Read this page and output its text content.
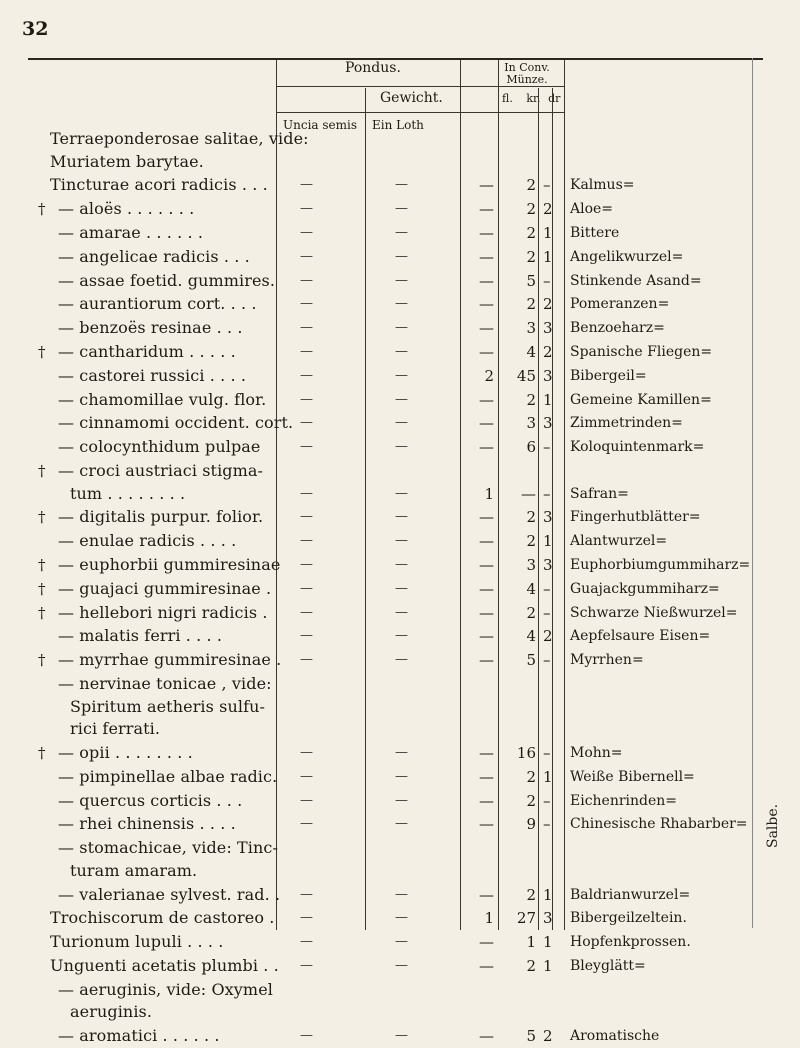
32
Pondus.
Gewicht.
Uncia semis Ein Loth
In Conv.
Münze.
fl. kr. dr
Terraeponderosae salitae, vide:
Muriatem barytae.
Tincturae acori radicis . . . —	—	—	2 – Kalmus=
† — aloës . . . . . . .	—	—	—	2 2 Aloe=
— amarae . . . . . .	—	—	—	2 1 Bittere
— angelicae radicis . . .	—	—	—	2 1 Angelikwurzel=
— assae foetid. gummires. —	—	—	5 – Stinkende Asand=
— aurantiorum cort. . . .	—	—	—	2 2 Pomeranzen=
— benzoës resinae . . .	—	—	—	3 3 Benzoeharz=
† — cantharidum . . . . .	—	—	—	4 2 Spanische Fliegen=
— castorei russici . . . .	—	—	2	45 3 Bibergeil=
— chamomillae vulg. flor.	—	—	—	2 1 Gemeine Kamillen=
— cinnamomi occident. cort. —	—	—	3 3 Zimmetrinden=
— colocynthidum pulpae	—	—	—	6 – Koloquintenmark=
† — croci austriaci stigma-
tum . . . . . . . .	—	—	1	— – Safran=
† — digitalis purpur. folior.	—	—	—	2 3 Fingerhutblätter=
— enulae radicis . . . .	—	—	—	2 1 Alantwurzel=
† — euphorbii gummiresinae —	—	—	3 3 Euphorbiumgummiharz=
† — guajaci gummiresinae . —	—	—	4 – Guajackgummiharz=
† — hellebori nigri radicis . —	—	—	2 – Schwarze Nießwurzel=
— malatis ferri . . . .	—	—	—	4 2 Aepfelsaure Eisen=
† — myrrhae gummiresinae . —	—	—	5 – Myrrhen=
— nervinae tonicae , vide:
Spiritum aetheris sulfu-
rici ferrati.
† — opii . . . . . . . .	—	—	—	16 – Mohn=
— pimpinellae albae radic. —	—	—	2 1 Weiße Bibernell=
— quercus corticis . . .	—	—	—	2 – Eichenrinden=
— rhei chinensis . . . .	—	—	—	9 – Chinesische Rhabarber=
— stomachicae, vide: Tinc-
turam amaram.
— valerianae sylvest. rad. . —	—	—	2 1 Baldrianwurzel=
Trochiscorum de castoreo . —	—	1	27 3 Bibergeilzeltein.
Turionum lupuli . . . .	—	—	—	1 1 Hopfenkprossen.
Unguenti acetatis plumbi . . —	—	—	2 1 Bleyglätt=
— aeruginis, vide: Oxymel
aeruginis.
— aromatici . . . . . .	—	—	—	5 2 Aromatische
Salbe.
